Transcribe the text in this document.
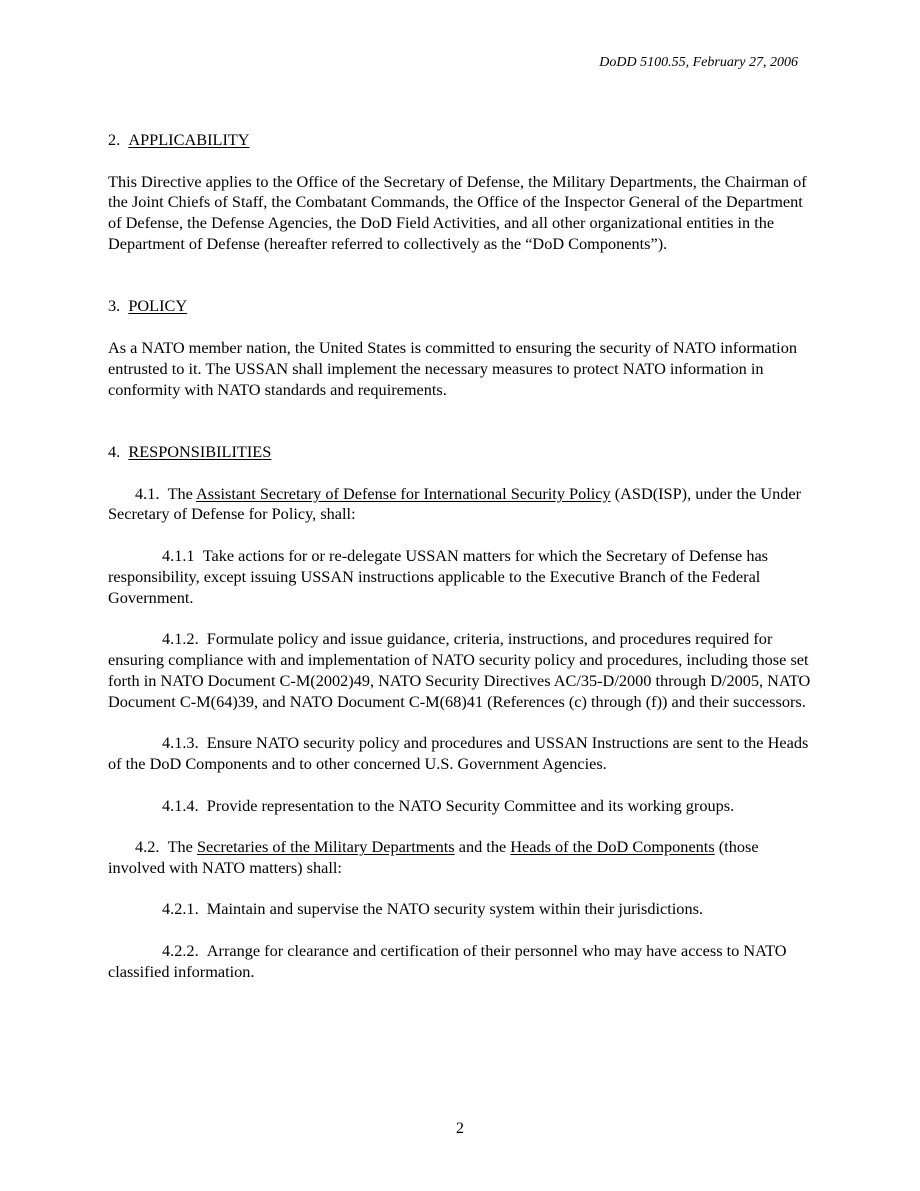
DoDD 5100.55, February 27, 2006

2. APPLICABILITY

This Directive applies to the Office of the Secretary of Defense, the Military Departments, the Chairman of the Joint Chiefs of Staff, the Combatant Commands, the Office of the Inspector General of the Department of Defense, the Defense Agencies, the DoD Field Activities, and all other organizational entities in the Department of Defense (hereafter referred to collectively as the “DoD Components”).

3. POLICY

As a NATO member nation, the United States is committed to ensuring the security of NATO information entrusted to it. The USSAN shall implement the necessary measures to protect NATO information in conformity with NATO standards and requirements.

4. RESPONSIBILITIES

4.1. The Assistant Secretary of Defense for International Security Policy (ASD(ISP), under the Under Secretary of Defense for Policy, shall:

4.1.1 Take actions for or re-delegate USSAN matters for which the Secretary of Defense has responsibility, except issuing USSAN instructions applicable to the Executive Branch of the Federal Government.

4.1.2. Formulate policy and issue guidance, criteria, instructions, and procedures required for ensuring compliance with and implementation of NATO security policy and procedures, including those set forth in NATO Document C-M(2002)49, NATO Security Directives AC/35-D/2000 through D/2005, NATO Document C-M(64)39, and NATO Document C-M(68)41 (References (c) through (f)) and their successors.

4.1.3. Ensure NATO security policy and procedures and USSAN Instructions are sent to the Heads of the DoD Components and to other concerned U.S. Government Agencies.

4.1.4. Provide representation to the NATO Security Committee and its working groups.

4.2. The Secretaries of the Military Departments and the Heads of the DoD Components (those involved with NATO matters) shall:

4.2.1. Maintain and supervise the NATO security system within their jurisdictions.

4.2.2. Arrange for clearance and certification of their personnel who may have access to NATO classified information.

2
